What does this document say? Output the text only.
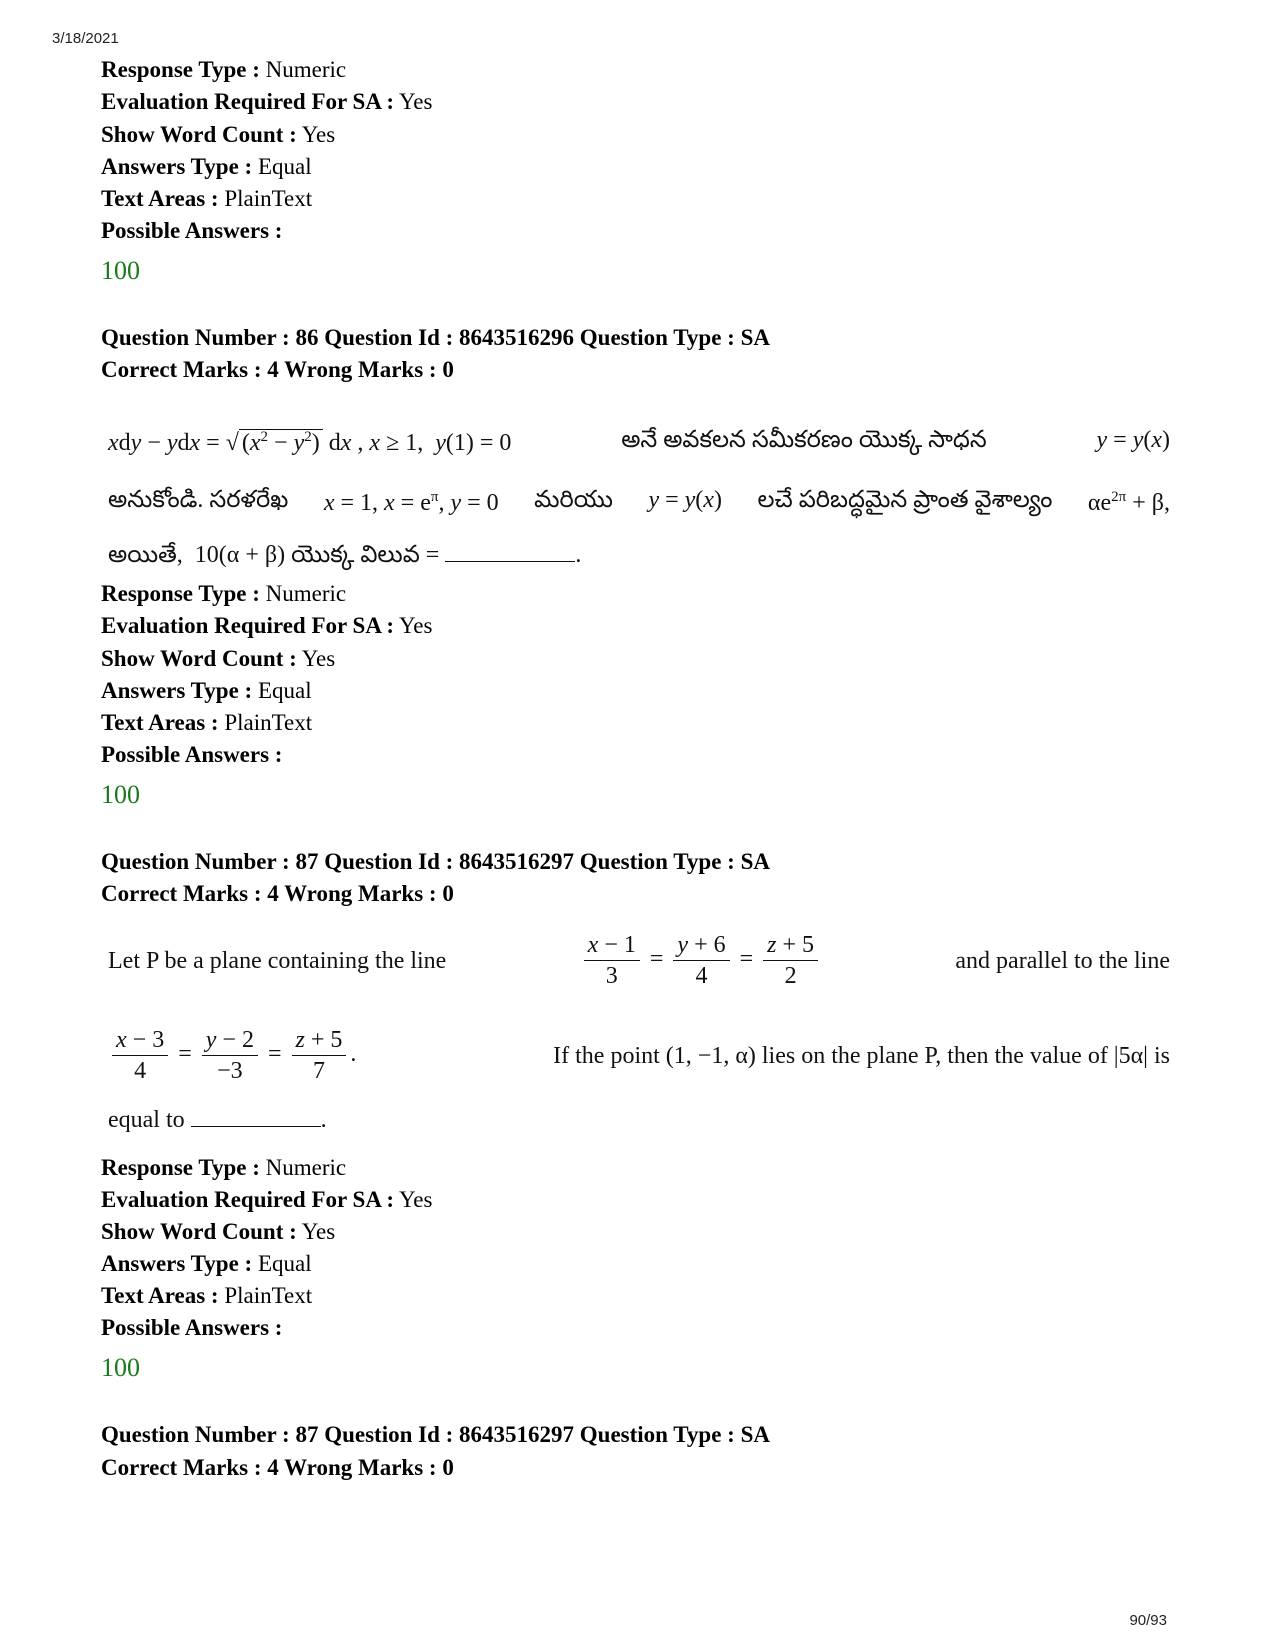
3/18/2021
Response Type : Numeric
Evaluation Required For SA : Yes
Show Word Count : Yes
Answers Type : Equal
Text Areas : PlainText
Possible Answers :
100
Question Number : 86 Question Id : 8643516296 Question Type : SA
Correct Marks : 4 Wrong Marks : 0
xdy − ydx = √ $(x^2 - y^2)$ dx , x ≥ 1,  y(1) = 0	అనే అవకలన సమీకరణం యొక్క సాధన	y = y(x)
అనుకోండి. సరళరేఖ x = 1, $x = e^\pi$, y = 0 మరియు y = y(x) లచే పరిబద్ధమైన ప్రాంత వైశాల్యం $\alpha e^{2\pi} + \beta$,
అయితే, 10(α + β) యొక్క విలువ =	.
Response Type : Numeric
Evaluation Required For SA : Yes
Show Word Count : Yes
Answers Type : Equal
Text Areas : PlainText
Possible Answers :
100
Question Number : 87 Question Id : 8643516297 Question Type : SA
Correct Marks : 4 Wrong Marks : 0
Let P be a plane containing the line	$\frac{x - 1}{3} = \frac{y + 6}{4} = \frac{z + 5}{2}$	and parallel to the line
$\frac{x - 3}{4} = \frac{y - 2}{-3} = \frac{z + 5}{7}$ .	If the point (1, −1, α) lies on the plane P, then the value of |5α| is
equal to	.
Response Type : Numeric
Evaluation Required For SA : Yes
Show Word Count : Yes
Answers Type : Equal
Text Areas : PlainText
Possible Answers :
100
Question Number : 87 Question Id : 8643516297 Question Type : SA
Correct Marks : 4 Wrong Marks : 0
90/93
